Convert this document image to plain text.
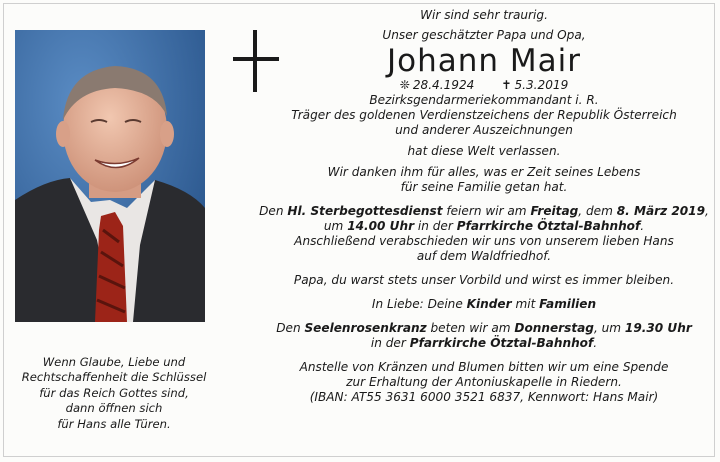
Wenn Glaube, Liebe und
Rechtschaffenheit die Schlüssel
für das Reich Gottes sind,
dann öffnen sich
für Hans alle Türen.
Wir sind sehr traurig.
Unser geschätzter Papa und Opa,
Johann Mair
❊ 28.4.1924 ✝ 5.3.2019
Bezirksgendarmeriekommandant i. R.
Träger des goldenen Verdienstzeichens der Republik Österreich
und anderer Auszeichnungen
hat diese Welt verlassen.
Wir danken ihm für alles, was er Zeit seines Lebens
für seine Familie getan hat.
Den Hl. Sterbegottesdienst feiern wir am Freitag, dem 8. März 2019,
um 14.00 Uhr in der Pfarrkirche Ötztal-Bahnhof.
Anschließend verabschieden wir uns von unserem lieben Hans
auf dem Waldfriedhof.
Papa, du warst stets unser Vorbild und wirst es immer bleiben.
In Liebe: Deine Kinder mit Familien
Den Seelenrosenkranz beten wir am Donnerstag, um 19.30 Uhr
in der Pfarrkirche Ötztal-Bahnhof.
Anstelle von Kränzen und Blumen bitten wir um eine Spende
zur Erhaltung der Antoniuskapelle in Riedern.
(IBAN: AT55 3631 6000 3521 6837, Kennwort: Hans Mair)
